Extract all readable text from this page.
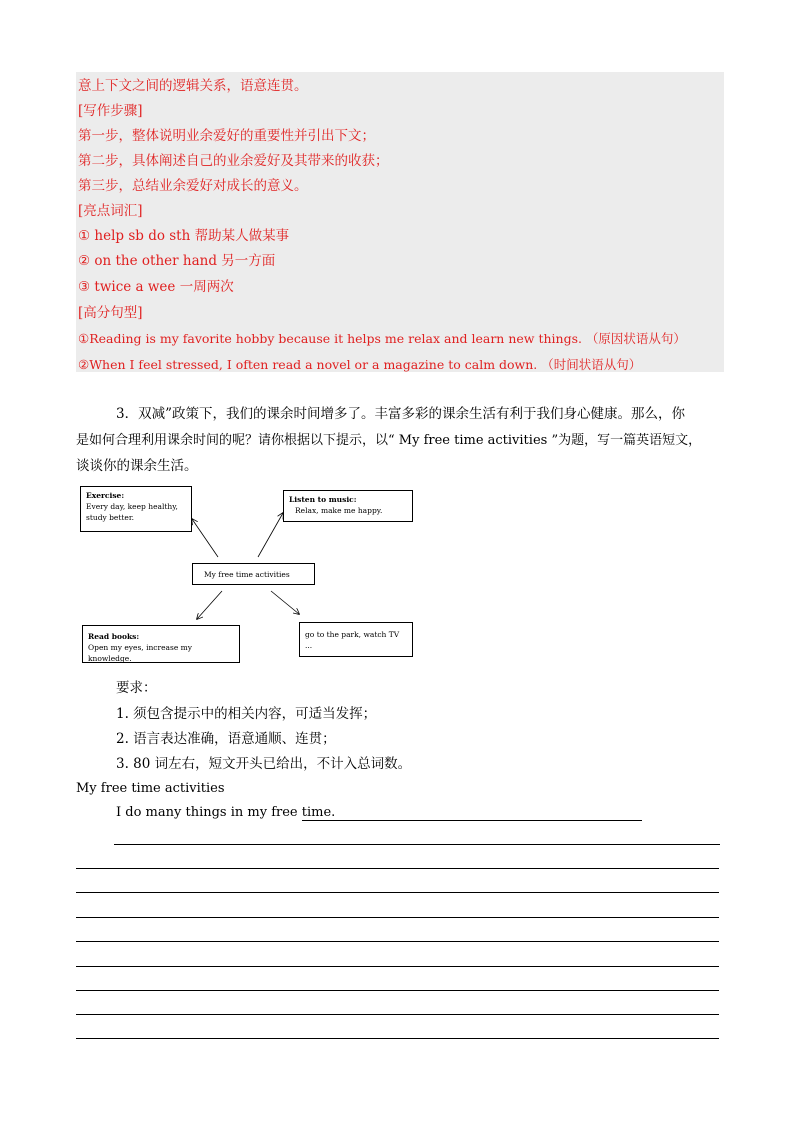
意上下文之间的逻辑关系，语意连贯。
[写作步骤]
第一步，整体说明业余爱好的重要性并引出下文；
第二步，具体阐述自己的业余爱好及其带来的收获；
第三步，总结业余爱好对成长的意义。
[亮点词汇]
① help sb do sth 帮助某人做某事
② on the other hand 另一方面
③ twice a wee 一周两次
[高分句型]
①Reading is my favorite hobby because it helps me relax and learn new things. （原因状语从句）
②When I feel stressed, I often read a novel or a magazine to calm down. （时间状语从句）
3．双减”政策下，我们的课余时间增多了。丰富多彩的课余生活有利于我们身心健康。那么，你
是如何合理利用课余时间的呢？请你根据以下提示，以“ My free time activities ”为题，写一篇英语短文，
谈谈你的课余生活。
Exercise:
Every day, keep healthy, study better.
Listen to music:
Relax, make me happy.
My free time activities
Read books:
Open my eyes, increase my knowledge.
go to the park, watch TV ...
要求：
1. 须包含提示中的相关内容，可适当发挥；
2. 语言表达准确，语意通顺、连贯；
3. 80 词左右，短文开头已给出，不计入总词数。
My free time activities
I do many things in my free time.
